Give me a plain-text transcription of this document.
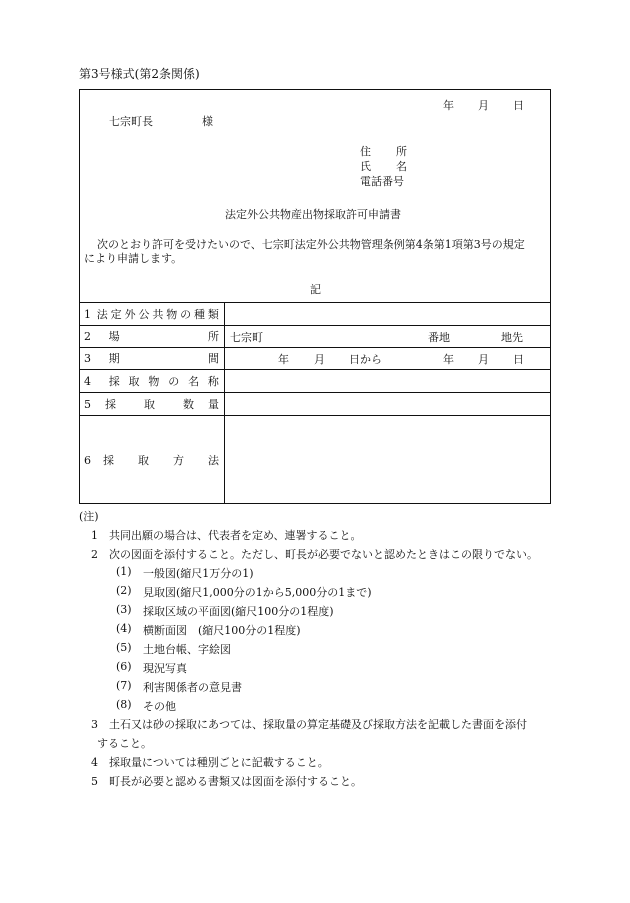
第3号様式(第2条関係)
年 月 日
七宗町長	様
住 所
氏 名
電話番号
法定外公共物産出物採取許可申請書
次のとおり許可を受けたいので、七宗町法定外公共物管理条例第4条第1項第3号の規定
により申請します。
記
1 法 定 外 公 共 物 の 種 類
2 場	所 七宗町	番地	地先
3 期	間	年 月 日から	年 月 日
4 採 取 物 の 名 称
5 採	取	数 量
6 採 取 方 法
(注)
1　共同出願の場合は、代表者を定め、連署すること。
2　次の図面を添付すること。ただし、町長が必要でないと認めたときはこの限りでない。
(1) 一般図(縮尺1万分の1)
(2) 見取図(縮尺1,000分の1から5,000分の1まで)
(3) 採取区域の平面図(縮尺100分の1程度)
(4) 横断面図　(縮尺100分の1程度)
(5) 土地台帳、字絵図
(6) 現況写真
(7) 利害関係者の意見書
(8) その他
3　土石又は砂の採取にあつては、採取量の算定基礎及び採取方法を記載した書面を添付
すること。
4　採取量については種別ごとに記載すること。
5　町長が必要と認める書類又は図面を添付すること。
